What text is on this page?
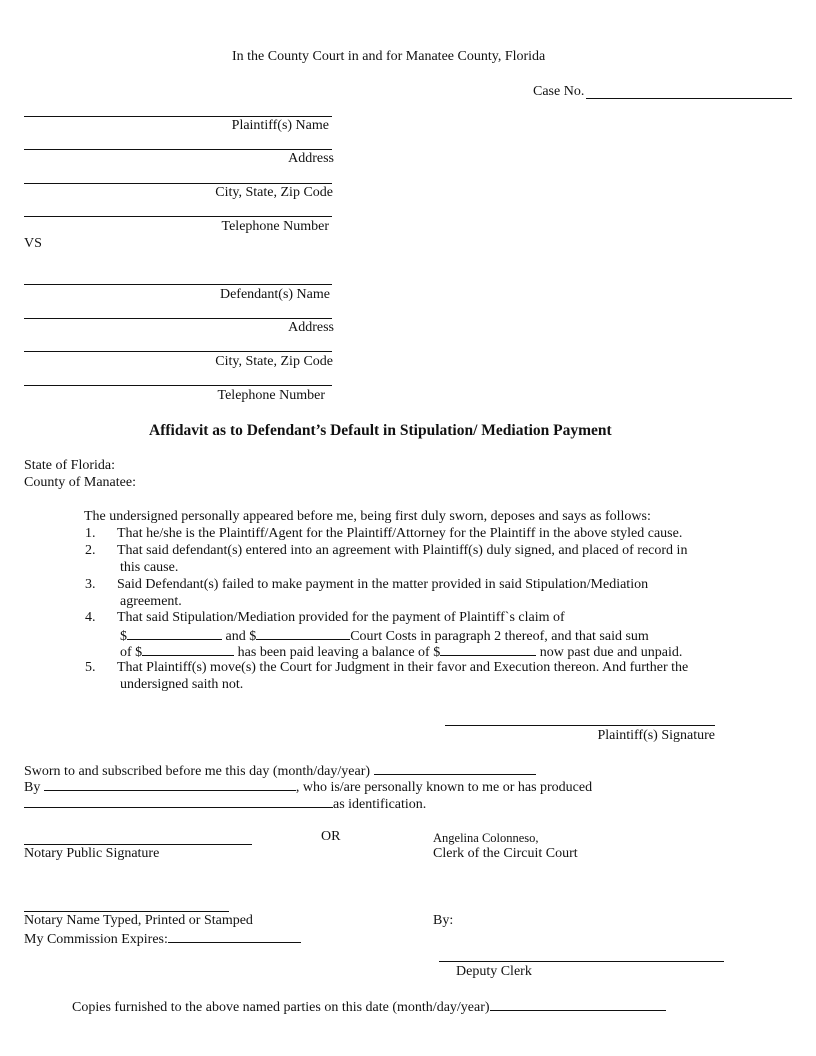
In the County Court in and for Manatee County, Florida
Case No.
Plaintiff(s) Name
Address
City, State, Zip Code
Telephone Number
VS
Defendant(s) Name
Address
City, State, Zip Code
Telephone Number
Affidavit as to Defendant’s Default in Stipulation/ Mediation Payment
State of Florida:
County of Manatee:
The undersigned personally appeared before me, being first duly sworn, deposes and says as follows:
1. That he/she is the Plaintiff/Agent for the Plaintiff/Attorney for the Plaintiff in the above styled cause.
2. That said defendant(s) entered into an agreement with Plaintiff(s) duly signed, and placed of record in
this cause.
3. Said Defendant(s) failed to make payment in the matter provided in said Stipulation/Mediation
agreement.
4. That said Stipulation/Mediation provided for the payment of Plaintiff`s claim of
$	and $	Court Costs in paragraph 2 thereof, and that said sum
of $	has been paid leaving a balance of $	now past due and unpaid.
5. That Plaintiff(s) move(s) the Court for Judgment in their favor and Execution thereon. And further the
undersigned saith not.
Plaintiff(s) Signature
Sworn to and subscribed before me this day (month/day/year)
By	, who is/are personally known to me or has produced
as identification.
OR	Angelina Colonneso,
Notary Public Signature	Clerk of the Circuit Court
Notary Name Typed, Printed or Stamped	By:
My Commission Expires:
Deputy Clerk
Copies furnished to the above named parties on this date (month/day/year)
